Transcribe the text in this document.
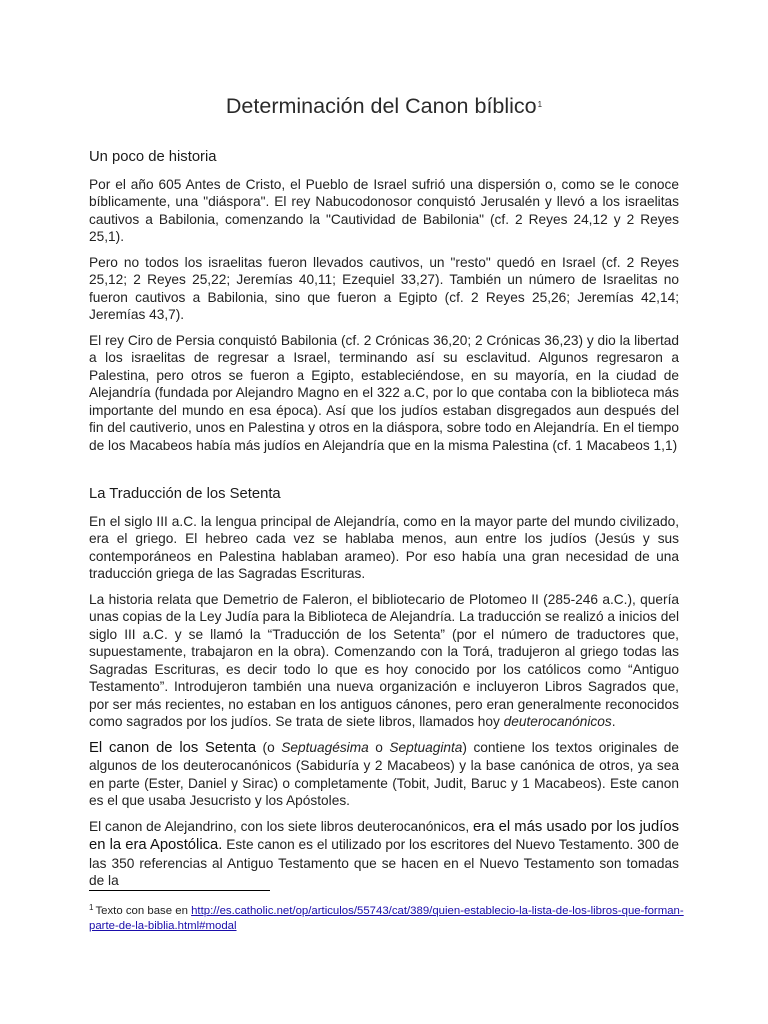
Determinación del Canon bíblico$^1$
Un poco de historia

Por el año 605 Antes de Cristo, el Pueblo de Israel sufrió una dispersión o, como se le conoce bíblicamente, una "diáspora". El rey Nabucodonosor conquistó Jerusalén y llevó a los israelitas cautivos a Babilonia, comenzando la "Cautividad de Babilonia" (cf. 2 Reyes 24,12 y 2 Reyes 25,1).

Pero no todos los israelitas fueron llevados cautivos, un "resto" quedó en Israel (cf. 2 Reyes 25,12; 2 Reyes 25,22; Jeremías 40,11; Ezequiel 33,27). También un número de Israelitas no fueron cautivos a Babilonia, sino que fueron a Egipto (cf. 2 Reyes 25,26; Jeremías 42,14; Jeremías 43,7).

El rey Ciro de Persia conquistó Babilonia (cf. 2 Crónicas 36,20; 2 Crónicas 36,23) y dio la libertad a los israelitas de regresar a Israel, terminando así su esclavitud. Algunos regresaron a Palestina, pero otros se fueron a Egipto, estableciéndose, en su mayoría, en la ciudad de Alejandría (fundada por Alejandro Magno en el 322 a.C, por lo que contaba con la biblioteca más importante del mundo en esa época). Así que los judíos estaban disgregados aun después del fin del cautiverio, unos en Palestina y otros en la diáspora, sobre todo en Alejandría. En el tiempo de los Macabeos había más judíos en Alejandría que en la misma Palestina (cf. 1 Macabeos 1,1)

La Traducción de los Setenta

En el siglo III a.C. la lengua principal de Alejandría, como en la mayor parte del mundo civilizado, era el griego. El hebreo cada vez se hablaba menos, aun entre los judíos (Jesús y sus contemporáneos en Palestina hablaban arameo). Por eso había una gran necesidad de una traducción griega de las Sagradas Escrituras.

La historia relata que Demetrio de Faleron, el bibliotecario de Plotomeo II (285-246 a.C.), quería unas copias de la Ley Judía para la Biblioteca de Alejandría. La traducción se realizó a inicios del siglo III a.C. y se llamó la “Traducción de los Setenta” (por el número de traductores que, supuestamente, trabajaron en la obra). Comenzando con la Torá, tradujeron al griego todas las Sagradas Escrituras, es decir todo lo que es hoy conocido por los católicos como “Antiguo Testamento”. Introdujeron también una nueva organización e incluyeron Libros Sagrados que, por ser más recientes, no estaban en los antiguos cánones, pero eran generalmente reconocidos como sagrados por los judíos. Se trata de siete libros, llamados hoy deuterocanónicos.

El canon de los Setenta (o Septuagésima o Septuaginta) contiene los textos originales de algunos de los deuterocanónicos (Sabiduría y 2 Macabeos) y la base canónica de otros, ya sea en parte (Ester, Daniel y Sirac) o completamente (Tobit, Judit, Baruc y 1 Macabeos). Este canon es el que usaba Jesucristo y los Apóstoles.

El canon de Alejandrino, con los siete libros deuterocanónicos, era el más usado por los judíos en la era Apostólica. Este canon es el utilizado por los escritores del Nuevo Testamento. 300 de las 350 referencias al Antiguo Testamento que se hacen en el Nuevo Testamento son tomadas de la

$^1$ Texto con base en http://es.catholic.net/op/articulos/55743/cat/389/quien-establecio-la-lista-de-los-libros-que-forman-parte-de-la-biblia.html#modal
